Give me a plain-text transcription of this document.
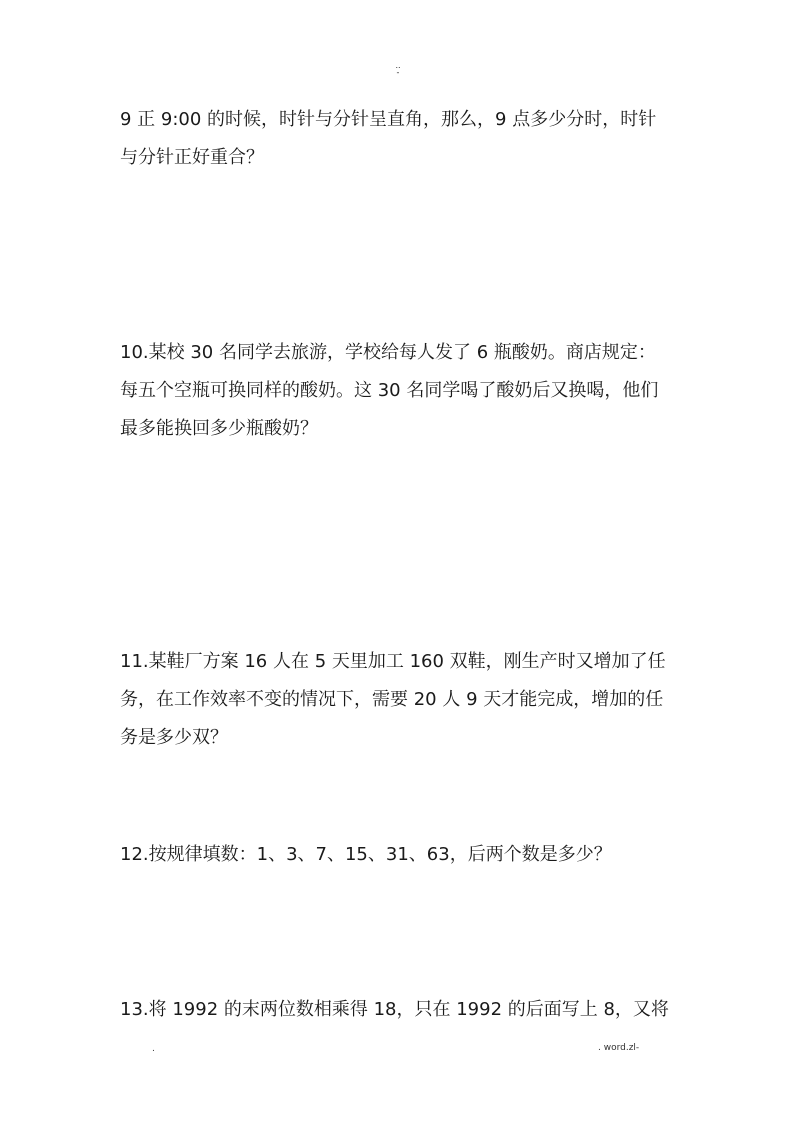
..
-

9 正 9:00 的时候，时针与分针呈直角，那么，9 点多少分时，时针
与分针正好重合？

10.某校 30 名同学去旅游，学校给每人发了 6 瓶酸奶。商店规定：
每五个空瓶可换同样的酸奶。这 30 名同学喝了酸奶后又换喝，他们
最多能换回多少瓶酸奶？

11.某鞋厂方案 16 人在 5 天里加工 160 双鞋，刚生产时又增加了任
务，在工作效率不变的情况下，需要 20 人 9 天才能完成，增加的任
务是多少双？

12.按规律填数：1、3、7、15、31、63，后两个数是多少？

13.将 1992 的末两位数相乘得 18，只在 1992 的后面写上 8，又将

.	. word.zl-
